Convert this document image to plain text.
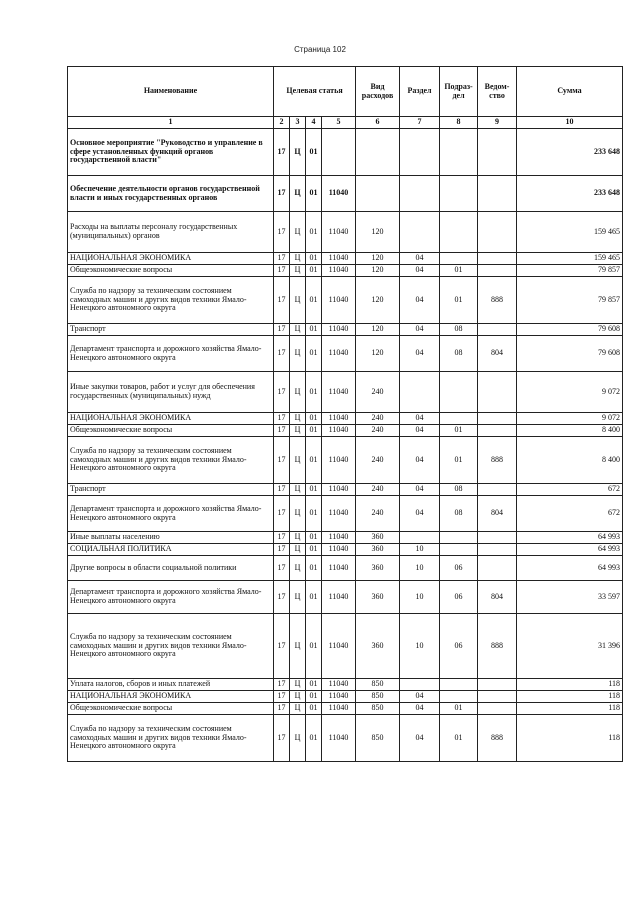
Страница 102
Наименование	Целевая статья				Вид расходов	Раздел	Подраз-дел	Ведом-ство	Сумма
1	2	3	4	5	6	7	8	9	10
Основное мероприятие "Руководство и управление в сфере установленных функций органов государственной власти"	17	Ц	01						233 648
Обеспечение деятельности органов государственной власти и иных государственных органов	17	Ц	01	11040					233 648
Расходы на выплаты персоналу государственных (муниципальных) органов	17	Ц	01	11040	120				159 465
НАЦИОНАЛЬНАЯ ЭКОНОМИКА	17	Ц	01	11040	120	04			159 465
Общеэкономические вопросы	17	Ц	01	11040	120	04	01		79 857
Служба по надзору за техническим состоянием самоходных машин и других видов техники Ямало-Ненецкого автономного округа	17	Ц	01	11040	120	04	01	888	79 857
Транспорт	17	Ц	01	11040	120	04	08		79 608
Департамент транспорта и дорожного хозяйства Ямало-Ненецкого автономного округа	17	Ц	01	11040	120	04	08	804	79 608
Иные закупки товаров, работ и услуг для обеспечения государственных (муниципальных) нужд	17	Ц	01	11040	240				9 072
НАЦИОНАЛЬНАЯ ЭКОНОМИКА	17	Ц	01	11040	240	04			9 072
Общеэкономические вопросы	17	Ц	01	11040	240	04	01		8 400
Служба по надзору за техническим состоянием самоходных машин и других видов техники Ямало-Ненецкого автономного округа	17	Ц	01	11040	240	04	01	888	8 400
Транспорт	17	Ц	01	11040	240	04	08		672
Департамент транспорта и дорожного хозяйства Ямало-Ненецкого автономного округа	17	Ц	01	11040	240	04	08	804	672
Иные выплаты населению	17	Ц	01	11040	360				64 993
СОЦИАЛЬНАЯ ПОЛИТИКА	17	Ц	01	11040	360	10			64 993
Другие вопросы в области социальной политики	17	Ц	01	11040	360	10	06		64 993
Департамент транспорта и дорожного хозяйства Ямало-Ненецкого автономного округа	17	Ц	01	11040	360	10	06	804	33 597
Служба по надзору за техническим состоянием самоходных машин и других видов техники Ямало-Ненецкого автономного округа	17	Ц	01	11040	360	10	06	888	31 396
Уплата налогов, сборов и иных платежей	17	Ц	01	11040	850				118
НАЦИОНАЛЬНАЯ ЭКОНОМИКА	17	Ц	01	11040	850	04			118
Общеэкономические вопросы	17	Ц	01	11040	850	04	01		118
Служба по надзору за техническим состоянием самоходных машин и других видов техники Ямало-Ненецкого автономного округа	17	Ц	01	11040	850	04	01	888	118
